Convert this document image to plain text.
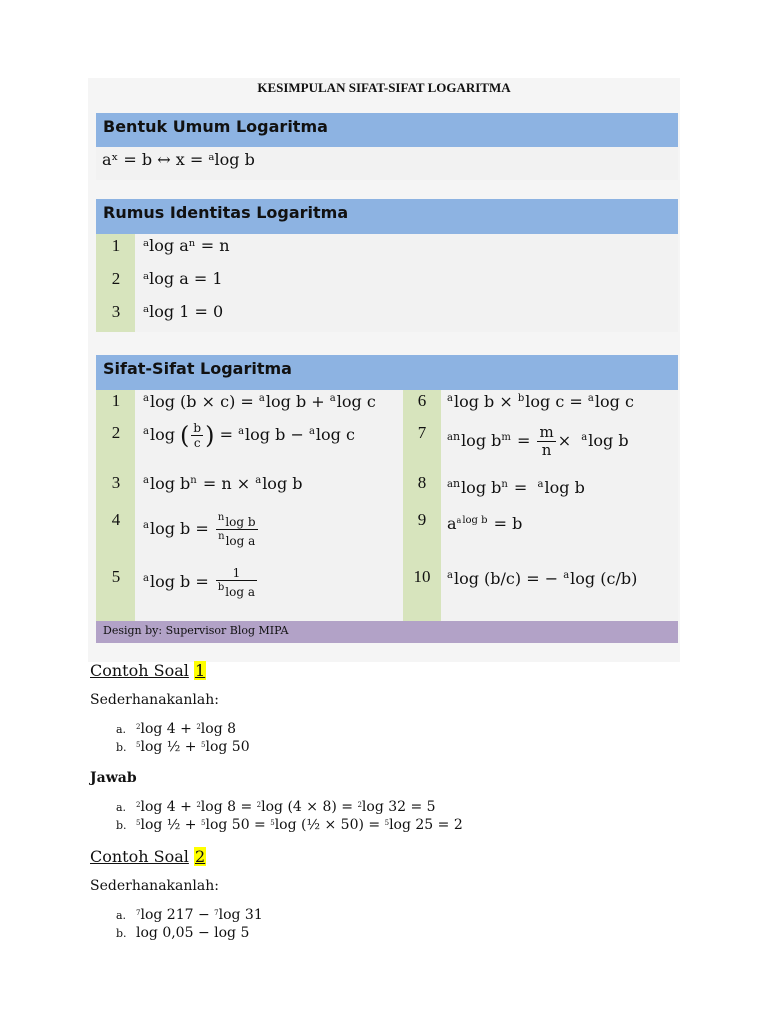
KESIMPULAN SIFAT-SIFAT LOGARITMA
Bentuk Umum Logaritma
aˣ = b ↔ x = ᵃlog b
Rumus Identitas Logaritma
1
2
3
ᵃlog aⁿ = n
ᵃlog a = 1
ᵃlog 1 = 0
Sifat-Sifat Logaritma
1
2
3
4
5
6
7
8
9
10
$^a$log (b × c) = $^a$log b + $^a$log c
$^a$log ( $\frac{b}{c}$ ) = $^a$log b − $^a$log c
$^a$log $b^n = n \times ^a\log$ b
$^a$log $b = \frac{^n\log b}{^n\log a}$
$^a$log $b = \frac{1}{^b\log a}$
$^a$log b × $^b$log c = $^a$log c
$^{an}$log $b^m = \frac{m}{n} \times ^a\log$ b
$^{an}$log $b^n = ^a\log$ b
$a^{alog b} = b$
$^a$log (b/c) = − $^a$log (c/b)
Design by: Supervisor Blog MIPA
Contoh Soal 1
Sederhanakanlah:
a. $^2$log 4 + $^2$log 8
b. $^5$log ½ + $^5$log 50
Jawab
a. $^2$log 4 + $^2$log 8 = $^2$log (4 × 8) = $^2$log 32 = 5
b. $^5$log ½ + $^5$log 50 = $^5$log (½ × 50) = $^5$log 25 = 2
Contoh Soal 2
Sederhanakanlah:
a. $^7$log 217 − $^7$log 31
b. log 0,05 − log 5
